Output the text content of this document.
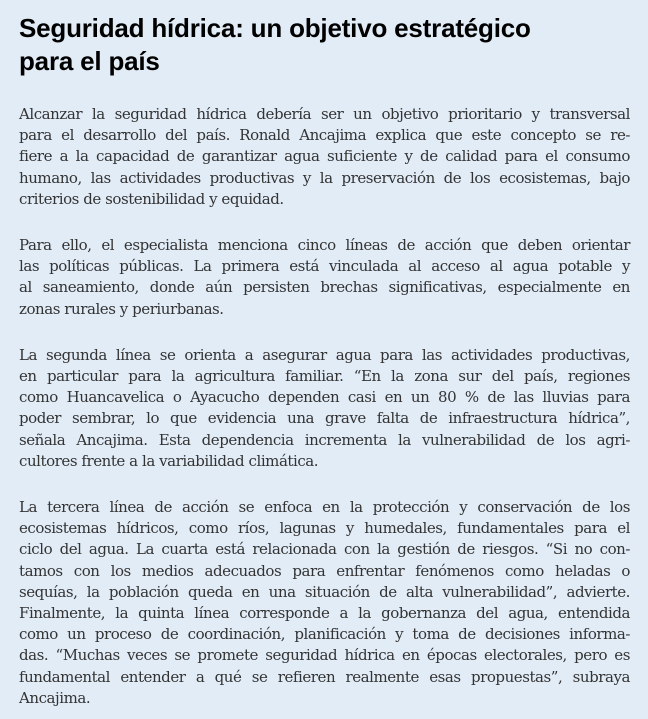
Seguridad hídrica: un objetivo estratégico
para el país

Alcanzar la seguridad hídrica debería ser un objetivo prioritario y transversal
para el desarrollo del país. Ronald Ancajima explica que este concepto se re-
fiere a la capacidad de garantizar agua suficiente y de calidad para el consumo
humano, las actividades productivas y la preservación de los ecosistemas, bajo
criterios de sostenibilidad y equidad.

Para ello, el especialista menciona cinco líneas de acción que deben orientar
las políticas públicas. La primera está vinculada al acceso al agua potable y
al saneamiento, donde aún persisten brechas significativas, especialmente en
zonas rurales y periurbanas.

La segunda línea se orienta a asegurar agua para las actividades productivas,
en particular para la agricultura familiar. “En la zona sur del país, regiones
como Huancavelica o Ayacucho dependen casi en un 80 % de las lluvias para
poder sembrar, lo que evidencia una grave falta de infraestructura hídrica”,
señala Ancajima. Esta dependencia incrementa la vulnerabilidad de los agri-
cultores frente a la variabilidad climática.

La tercera línea de acción se enfoca en la protección y conservación de los
ecosistemas hídricos, como ríos, lagunas y humedales, fundamentales para el
ciclo del agua. La cuarta está relacionada con la gestión de riesgos. “Si no con-
tamos con los medios adecuados para enfrentar fenómenos como heladas o
sequías, la población queda en una situación de alta vulnerabilidad”, advierte.
Finalmente, la quinta línea corresponde a la gobernanza del agua, entendida
como un proceso de coordinación, planificación y toma de decisiones informa-
das. “Muchas veces se promete seguridad hídrica en épocas electorales, pero es
fundamental entender a qué se refieren realmente esas propuestas”, subraya
Ancajima.
